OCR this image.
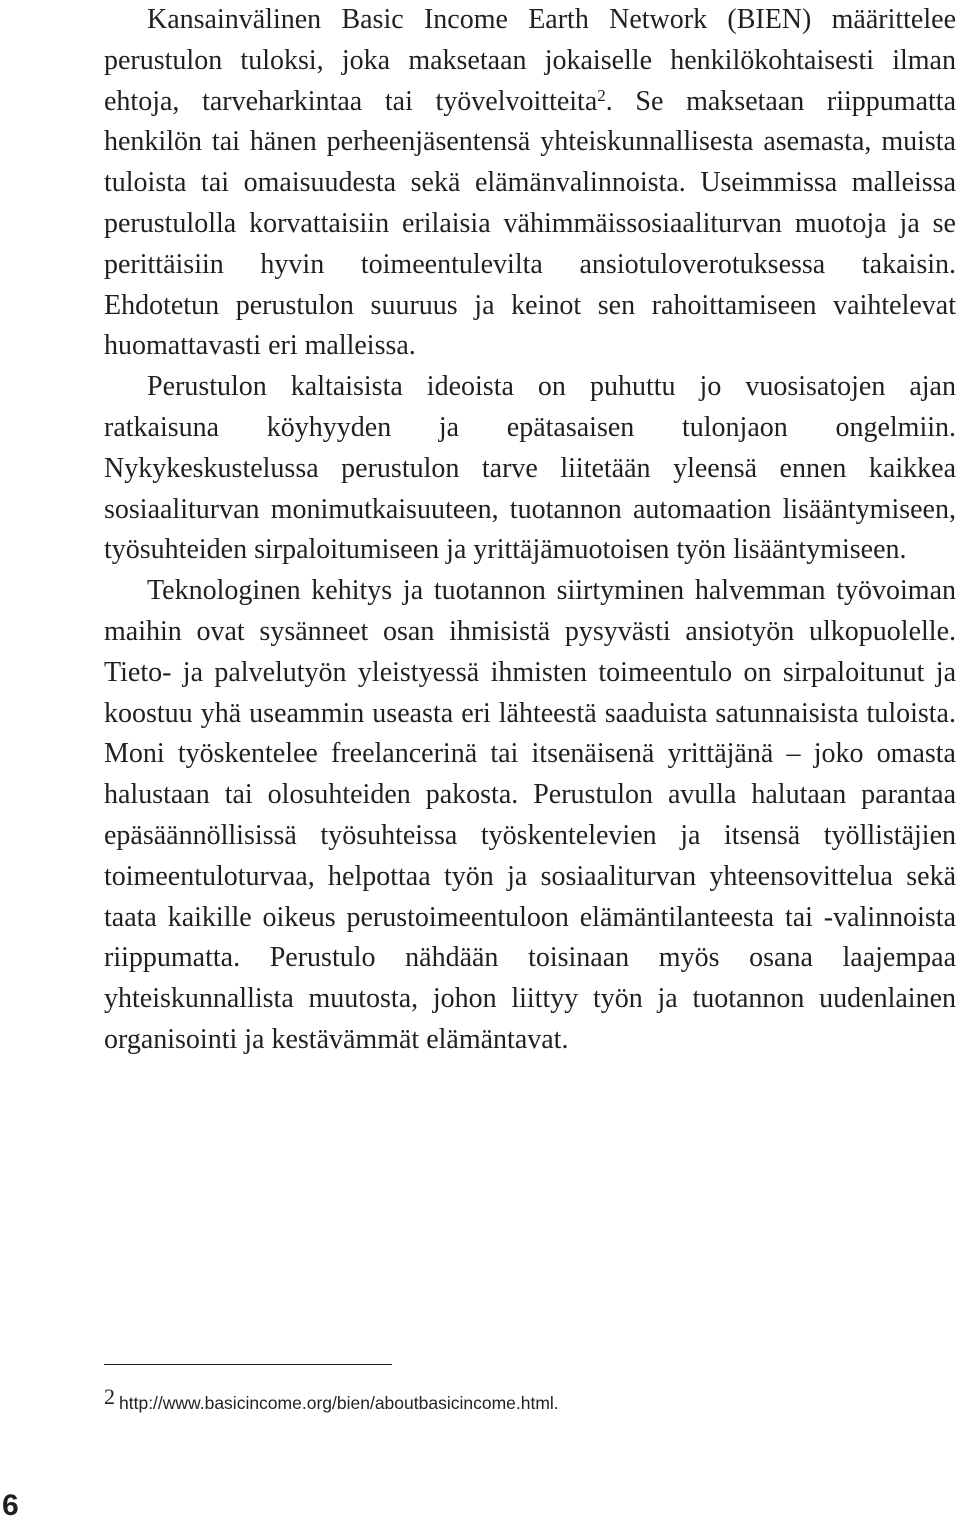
Kansainvälinen Basic Income Earth Network (BIEN) määrittelee perustulon tuloksi, joka maksetaan jokaiselle henkilökohtaisesti ilman ehtoja, tarveharkintaa tai työvelvoitteita$^2$. Se maksetaan riippumatta henkilön tai hänen perheenjäsentensä yhteiskunnallisesta asemasta, muista tuloista tai omaisuudesta sekä elämänvalinnoista. Useimmissa malleissa perustulolla korvattaisiin erilaisia vähimmäissosiaaliturvan muotoja ja se perittäisiin hyvin toimeentulevilta ansiotuloverotuksessa takaisin. Ehdotetun perustulon suuruus ja keinot sen rahoittamiseen vaihtelevat huomattavasti eri malleissa.

Perustulon kaltaisista ideoista on puhuttu jo vuosisatojen ajan ratkaisuna köyhyyden ja epätasaisen tulonjaon ongelmiin. Nykykeskustelussa perustulon tarve liitetään yleensä ennen kaikkea sosiaaliturvan monimutkaisuuteen, tuotannon automaation lisääntymiseen, työsuhteiden sirpaloitumiseen ja yrittäjämuotoisen työn lisääntymiseen.

Teknologinen kehitys ja tuotannon siirtyminen halvemman työvoiman maihin ovat sysänneet osan ihmisistä pysyvästi ansiotyön ulkopuolelle. Tieto- ja palvelutyön yleistyessä ihmisten toimeentulo on sirpaloitunut ja koostuu yhä useammin useasta eri lähteestä saaduista satunnaisista tuloista. Moni työskentelee freelancerinä tai itsenäisenä yrittäjänä – joko omasta halustaan tai olosuhteiden pakosta. Perustulon avulla halutaan parantaa epäsäännöllisissä työsuhteissa työskentelevien ja itsensä työllistäjien toimeentuloturvaa, helpottaa työn ja sosiaaliturvan yhteensovittelua sekä taata kaikille oikeus perustoimeentuloon elämäntilanteesta tai -valinnoista riippumatta. Perustulo nähdään toisinaan myös osana laajempaa yhteiskunnallista muutosta, johon liittyy työn ja tuotannon uudenlainen organisointi ja kestävämmät elämäntavat.

2 http://www.basicincome.org/bien/aboutbasicincome.html.
6
